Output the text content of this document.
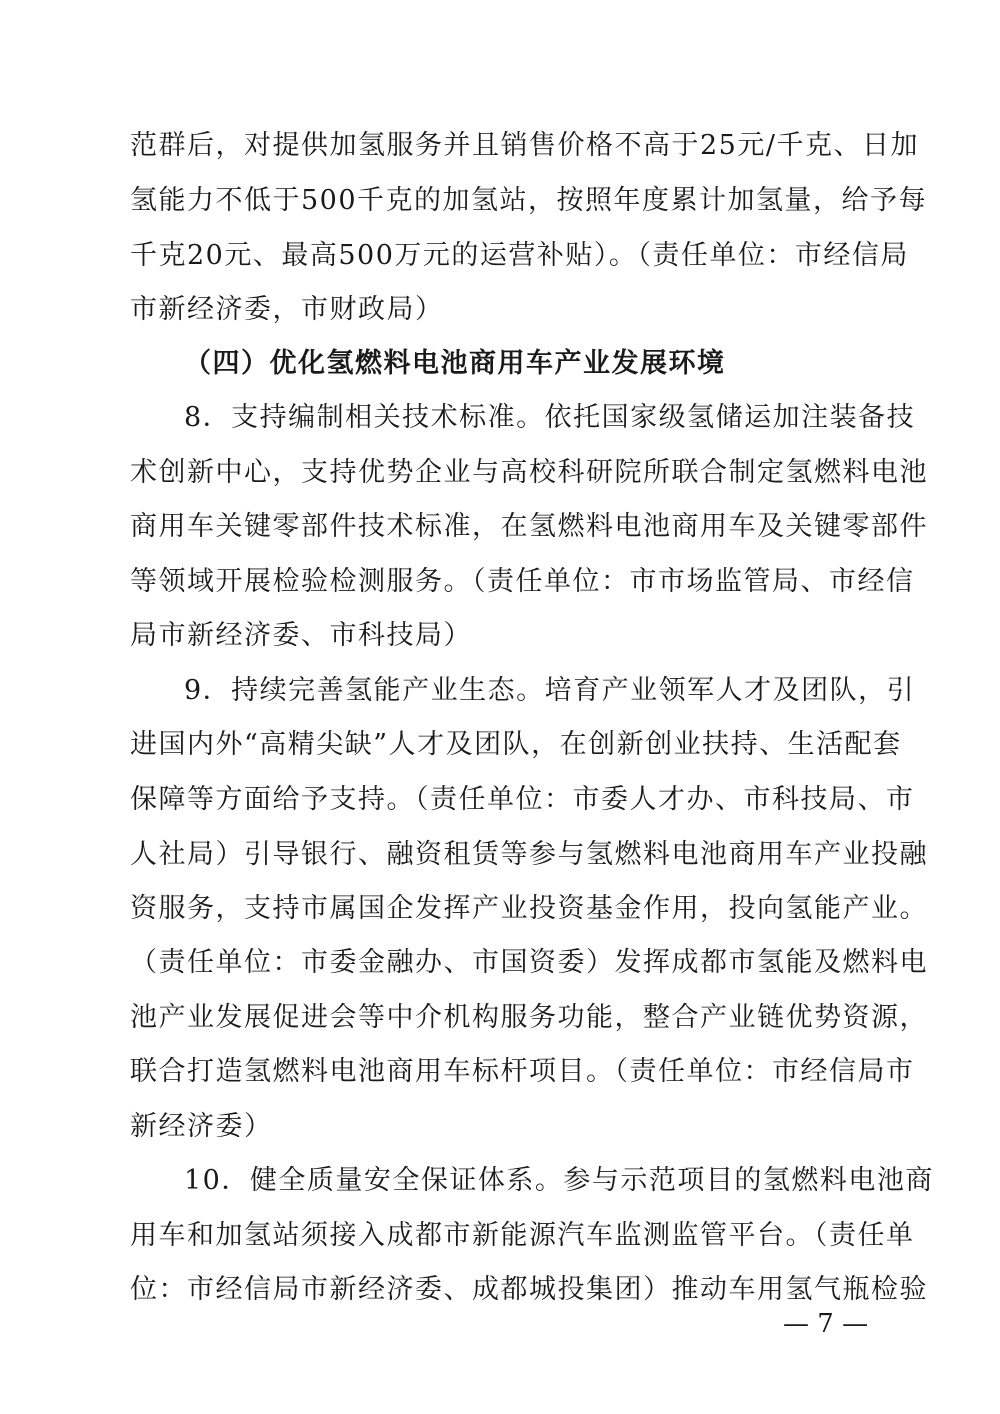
范群后，对提供加氢服务并且销售价格不高于25元/千克、日加
氢能力不低于500千克的加氢站，按照年度累计加氢量，给予每
千克20元、最高500万元的运营补贴）。（责任单位：市经信局
市新经济委，市财政局）
（四）优化氢燃料电池商用车产业发展环境
8．支持编制相关技术标准。依托国家级氢储运加注装备技
术创新中心，支持优势企业与高校科研院所联合制定氢燃料电池
商用车关键零部件技术标准，在氢燃料电池商用车及关键零部件
等领域开展检验检测服务。（责任单位：市市场监管局、市经信
局市新经济委、市科技局）
9．持续完善氢能产业生态。培育产业领军人才及团队，引
进国内外“高精尖缺”人才及团队，在创新创业扶持、生活配套
保障等方面给予支持。（责任单位：市委人才办、市科技局、市
人社局）引导银行、融资租赁等参与氢燃料电池商用车产业投融
资服务，支持市属国企发挥产业投资基金作用，投向氢能产业。
（责任单位：市委金融办、市国资委）发挥成都市氢能及燃料电
池产业发展促进会等中介机构服务功能，整合产业链优势资源，
联合打造氢燃料电池商用车标杆项目。（责任单位：市经信局市
新经济委）
10．健全质量安全保证体系。参与示范项目的氢燃料电池商
用车和加氢站须接入成都市新能源汽车监测监管平台。（责任单
位：市经信局市新经济委、成都城投集团）推动车用氢气瓶检验
— 7 —
